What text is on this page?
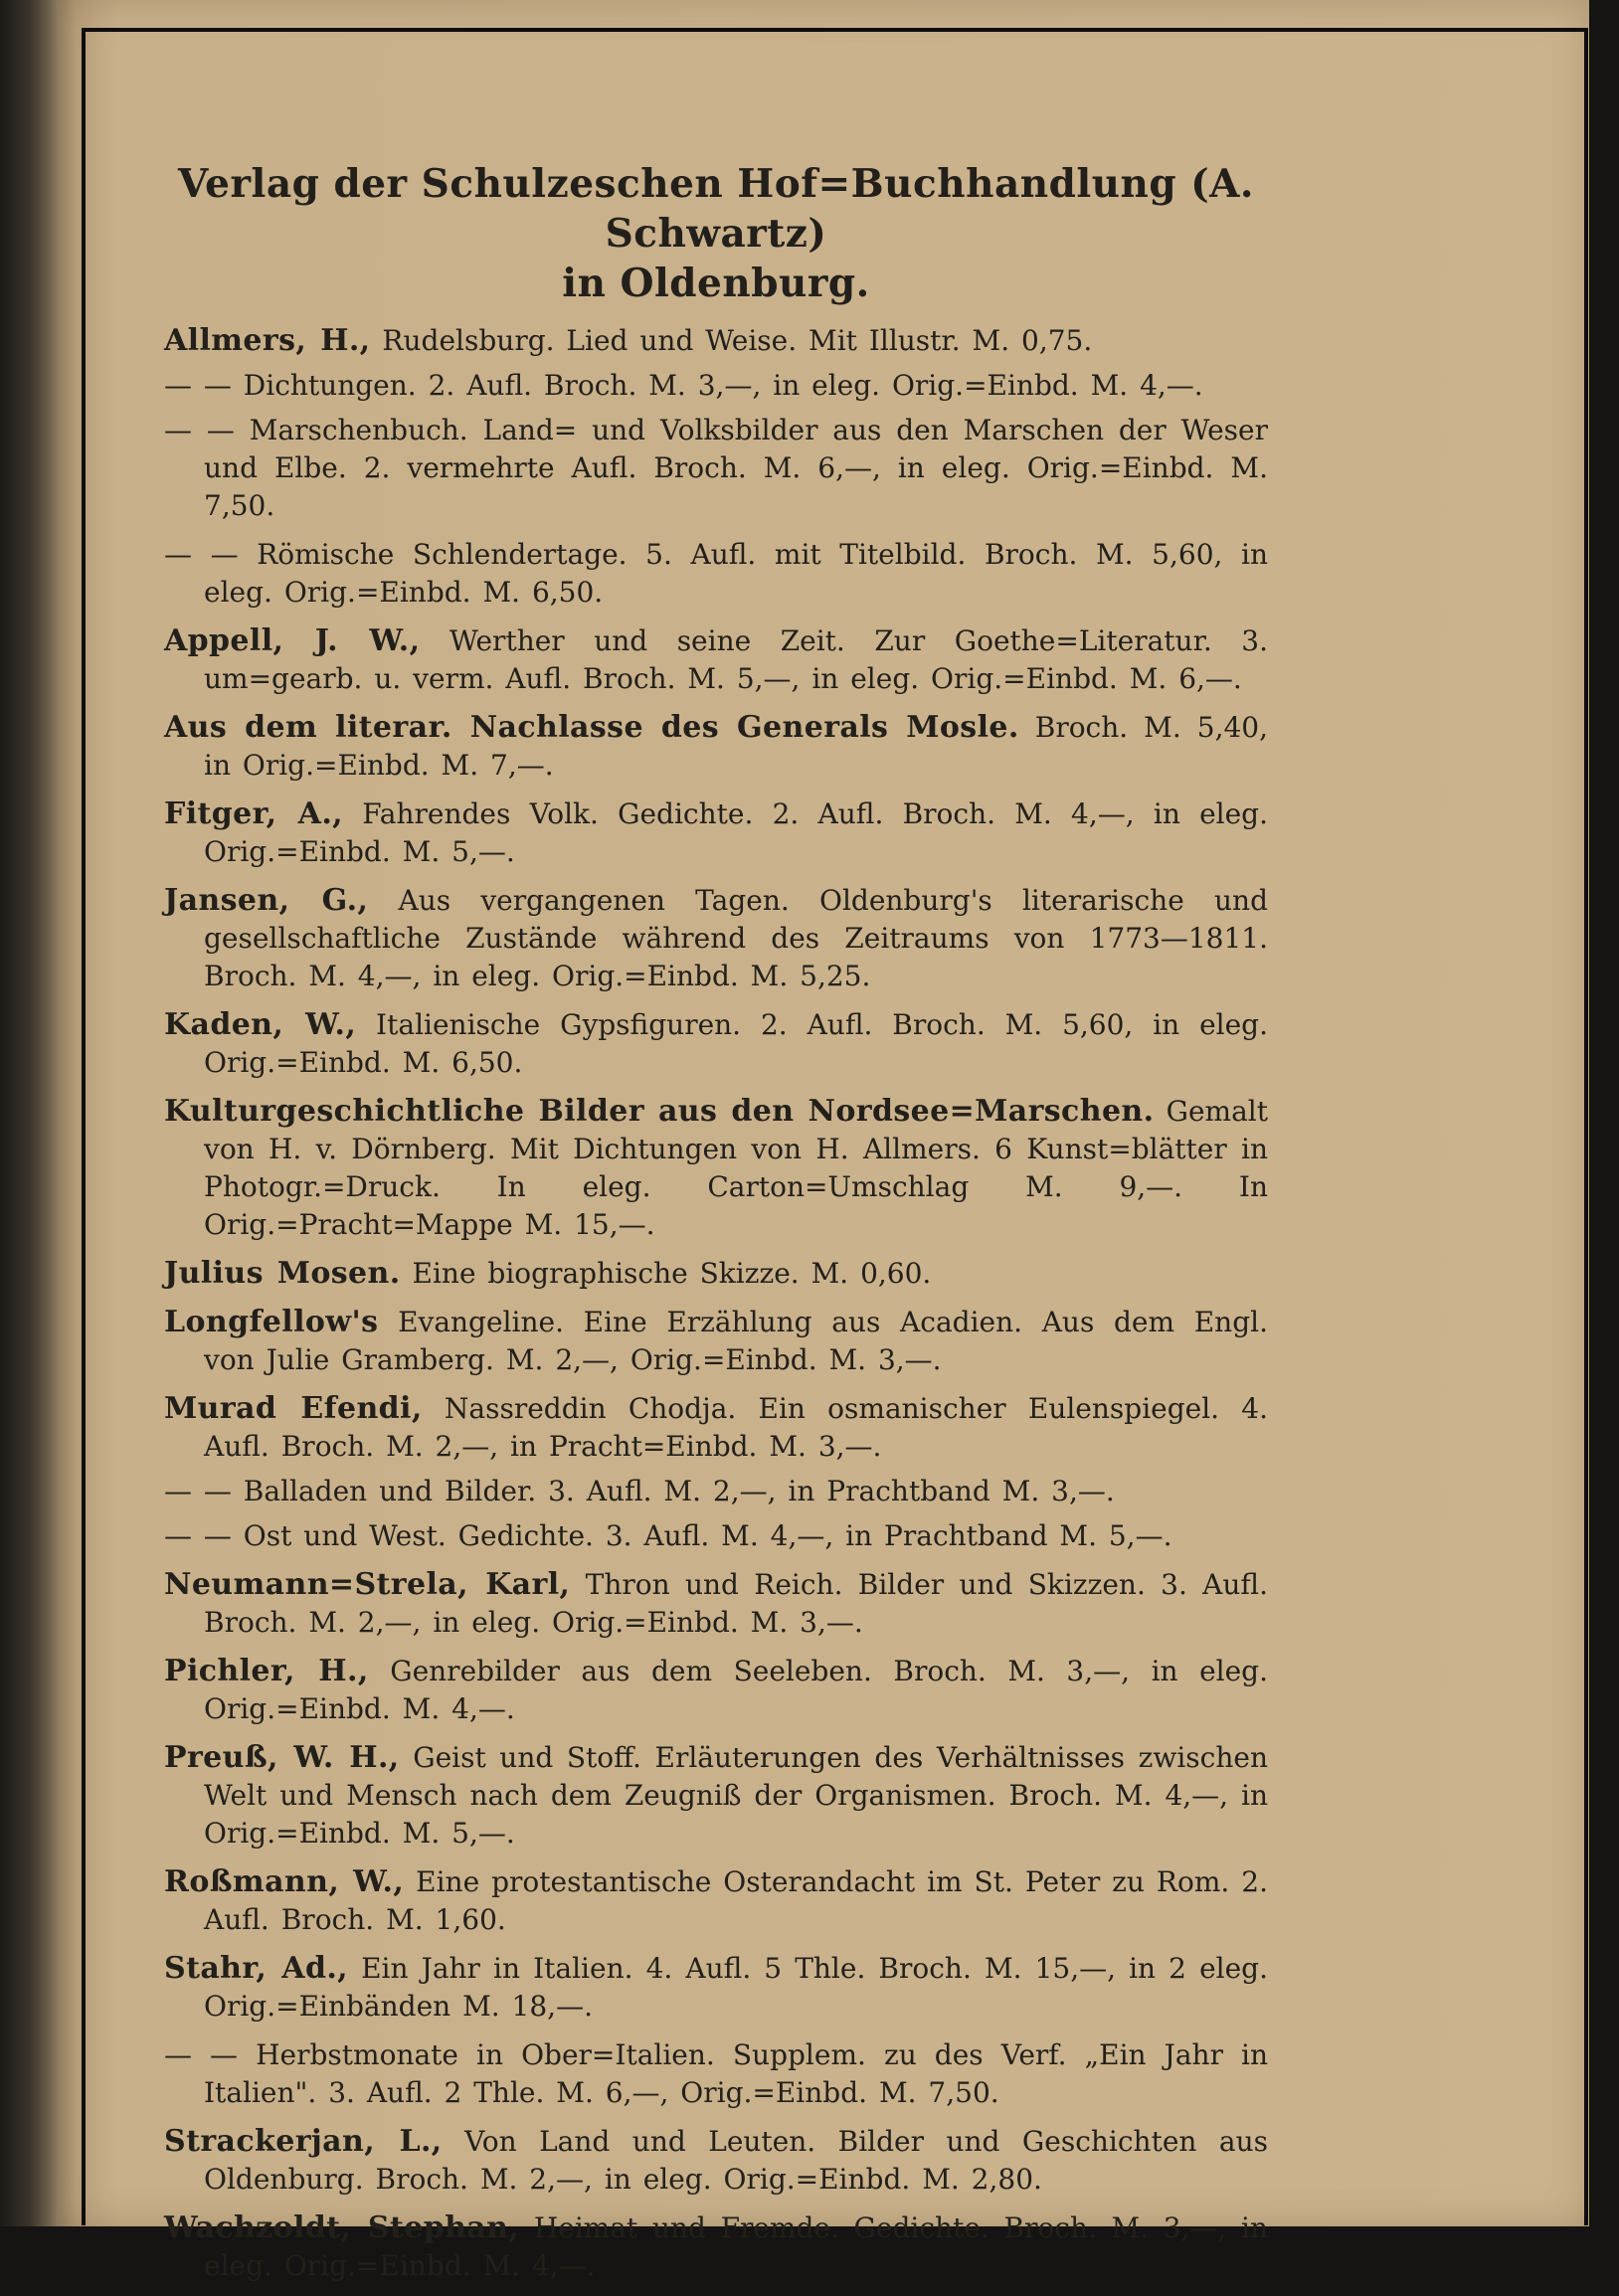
Verlag der Schulzeschen Hof=Buchhandlung (A. Schwartz)
in Oldenburg.

Allmers, H., Rudelsburg. Lied und Weise. Mit Illustr. M. 0,75.

— — Dichtungen. 2. Aufl. Broch. M. 3,—, in eleg. Orig.=Einbd. M. 4,—.

— — Marschenbuch. Land= und Volksbilder aus den Marschen der Weser und Elbe. 2. vermehrte Aufl. Broch. M. 6,—, in eleg. Orig.=Einbd. M. 7,50.

— — Römische Schlendertage. 5. Aufl. mit Titelbild. Broch. M. 5,60, in eleg. Orig.=Einbd. M. 6,50.

Appell, J. W., Werther und seine Zeit. Zur Goethe=Literatur. 3. um=gearb. u. verm. Aufl. Broch. M. 5,—, in eleg. Orig.=Einbd. M. 6,—.

Aus dem literar. Nachlasse des Generals Mosle. Broch. M. 5,40, in Orig.=Einbd. M. 7,—.

Fitger, A., Fahrendes Volk. Gedichte. 2. Aufl. Broch. M. 4,—, in eleg. Orig.=Einbd. M. 5,—.

Jansen, G., Aus vergangenen Tagen. Oldenburg's literarische und gesellschaftliche Zustände während des Zeitraums von 1773—1811. Broch. M. 4,—, in eleg. Orig.=Einbd. M. 5,25.

Kaden, W., Italienische Gypsfiguren. 2. Aufl. Broch. M. 5,60, in eleg. Orig.=Einbd. M. 6,50.

Kulturgeschichtliche Bilder aus den Nordsee=Marschen. Gemalt von H. v. Dörnberg. Mit Dichtungen von H. Allmers. 6 Kunst=blätter in Photogr.=Druck. In eleg. Carton=Umschlag M. 9,—. In Orig.=Pracht=Mappe M. 15,—.

Julius Mosen. Eine biographische Skizze. M. 0,60.

Longfellow's Evangeline. Eine Erzählung aus Acadien. Aus dem Engl. von Julie Gramberg. M. 2,—, Orig.=Einbd. M. 3,—.

Murad Efendi, Nassreddin Chodja. Ein osmanischer Eulenspiegel. 4. Aufl. Broch. M. 2,—, in Pracht=Einbd. M. 3,—.

— — Balladen und Bilder. 3. Aufl. M. 2,—, in Prachtband M. 3,—.

— — Ost und West. Gedichte. 3. Aufl. M. 4,—, in Prachtband M. 5,—.

Neumann=Strela, Karl, Thron und Reich. Bilder und Skizzen. 3. Aufl. Broch. M. 2,—, in eleg. Orig.=Einbd. M. 3,—.

Pichler, H., Genrebilder aus dem Seeleben. Broch. M. 3,—, in eleg. Orig.=Einbd. M. 4,—.

Preuß, W. H., Geist und Stoff. Erläuterungen des Verhältnisses zwischen Welt und Mensch nach dem Zeugniß der Organismen. Broch. M. 4,—, in Orig.=Einbd. M. 5,—.

Roßmann, W., Eine protestantische Osterandacht im St. Peter zu Rom. 2. Aufl. Broch. M. 1,60.

Stahr, Ad., Ein Jahr in Italien. 4. Aufl. 5 Thle. Broch. M. 15,—, in 2 eleg. Orig.=Einbänden M. 18,—.

— — Herbstmonate in Ober=Italien. Supplem. zu des Verf. „Ein Jahr in Italien". 3. Aufl. 2 Thle. M. 6,—, Orig.=Einbd. M. 7,50.

Strackerjan, L., Von Land und Leuten. Bilder und Geschichten aus Oldenburg. Broch. M. 2,—, in eleg. Orig.=Einbd. M. 2,80.

Wachzoldt, Stephan, Heimat und Fremde. Gedichte. Broch. M. 3,—, in eleg. Orig.=Einbd. M. 4,—.
